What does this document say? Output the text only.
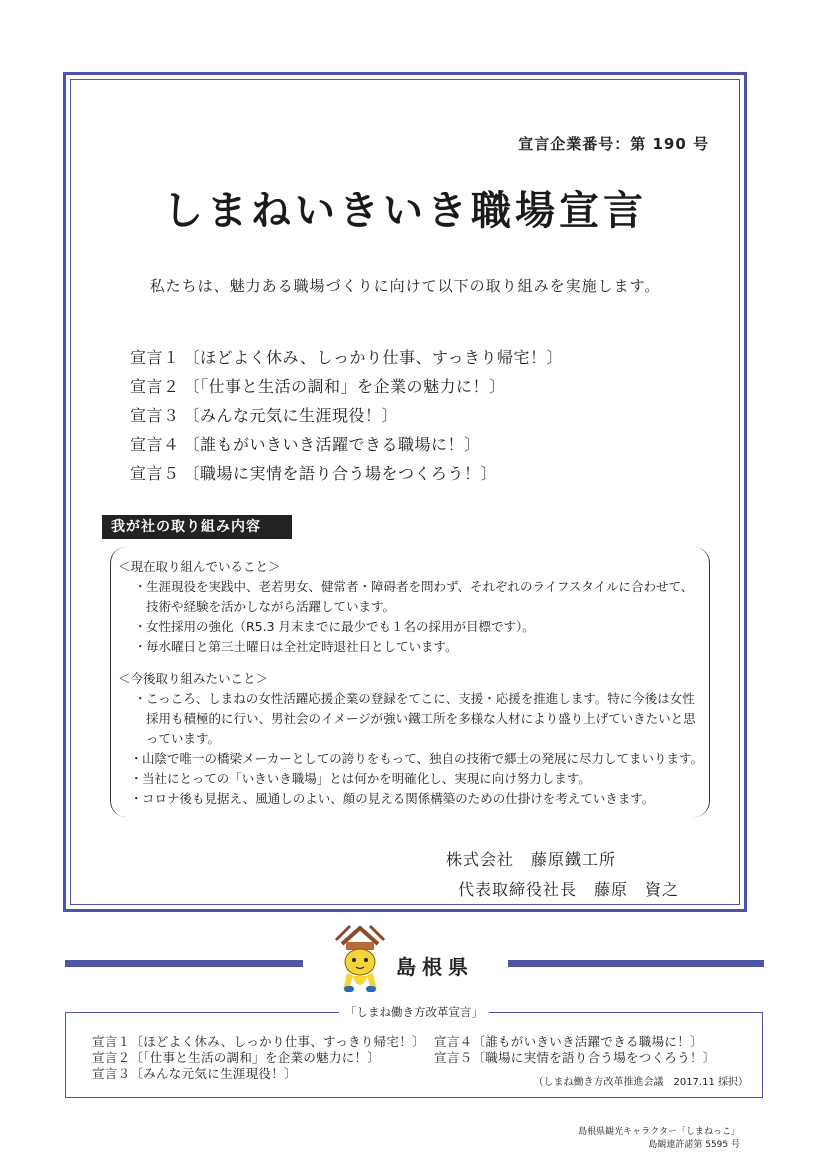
宣言企業番号：第 190 号
しまねいきいき職場宣言
私たちは、魅力ある職場づくりに向けて以下の取り組みを実施します。
宣言１ 〔ほどよく休み、しっかり仕事、すっきり帰宅！〕
宣言２ 〔「仕事と生活の調和」を企業の魅力に！〕
宣言３ 〔みんな元気に生涯現役！〕
宣言４ 〔誰もがいきいき活躍できる職場に！〕
宣言５ 〔職場に実情を語り合う場をつくろう！〕
我が社の取り組み内容
＜現在取り組んでいること＞
・ 生涯現役を実践中、老若男女、健常者・障碍者を問わず、それぞれのライフスタイルに合わせて、
技術や経験を活かしながら活躍しています。
・ 女性採用の強化（R5.3 月末までに最少でも１名の採用が目標です）。
・ 毎水曜日と第三土曜日は全社定時退社日としています。
＜今後取り組みたいこと＞
・ こっころ、しまねの女性活躍応援企業の登録をてこに、支援・応援を推進します。特に今後は女性
採用も積極的に行い、男社会のイメージが強い鐵工所を多様な人材により盛り上げていきたいと思
っています。
・ 山陰で唯一の橋梁メーカーとしての誇りをもって、独自の技術で郷土の発展に尽力してまいります。
・ 当社にとっての「いきいき職場」とは何かを明確化し、実現に向け努力します。
・ コロナ後も見据え、風通しのよい、顔の見える関係構築のための仕掛けを考えていきます。
株式会社　藤原鐵工所
代表取締役社長　藤原　資之
島根県
「しまね働き方改革宣言」
宣言１〔ほどよく休み、しっかり仕事、すっきり帰宅！〕
宣言２〔「仕事と生活の調和」を企業の魅力に！〕
宣言３〔みんな元気に生涯現役！〕
宣言４〔誰もがいきいき活躍できる職場に！〕
宣言５〔職場に実情を語り合う場をつくろう！〕
（しまね働き方改革推進会議　2017.11 採択）
島根県観光キャラクター「しまねっこ」
島観連許諾第 5595 号
